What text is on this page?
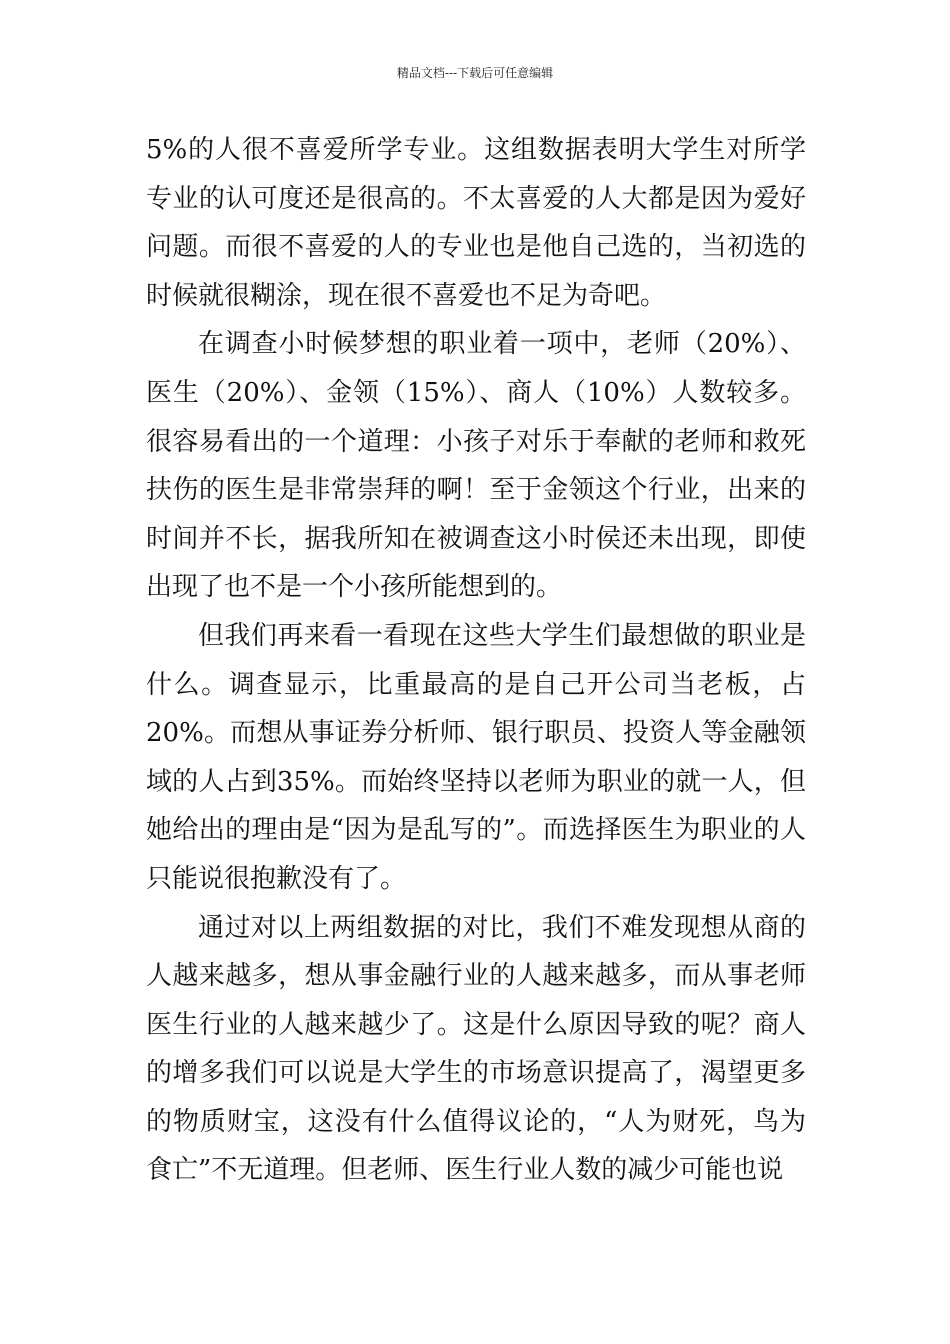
精品文档---下载后可任意编辑

5%的人很不喜爱所学专业。这组数据表明大学生对所学专业的认可度还是很高的。不太喜爱的人大都是因为爱好问题。而很不喜爱的人的专业也是他自己选的，当初选的时候就很糊涂，现在很不喜爱也不足为奇吧。

在调查小时候梦想的职业着一项中，老师（20%）、医生（20%）、金领（15%）、商人（10%）人数较多。很容易看出的一个道理：小孩子对乐于奉献的老师和救死扶伤的医生是非常崇拜的啊！至于金领这个行业，出来的时间并不长，据我所知在被调查这小时侯还未出现，即使出现了也不是一个小孩所能想到的。

但我们再来看一看现在这些大学生们最想做的职业是什么。调查显示，比重最高的是自己开公司当老板，占20%。而想从事证券分析师、银行职员、投资人等金融领域的人占到35%。而始终坚持以老师为职业的就一人，但她给出的理由是“因为是乱写的”。而选择医生为职业的人只能说很抱歉没有了。

通过对以上两组数据的对比，我们不难发现想从商的人越来越多，想从事金融行业的人越来越多，而从事老师医生行业的人越来越少了。这是什么原因导致的呢？商人的增多我们可以说是大学生的市场意识提高了，渴望更多的物质财宝，这没有什么值得议论的，“人为财死，鸟为食亡”不无道理。但老师、医生行业人数的减少可能也说
